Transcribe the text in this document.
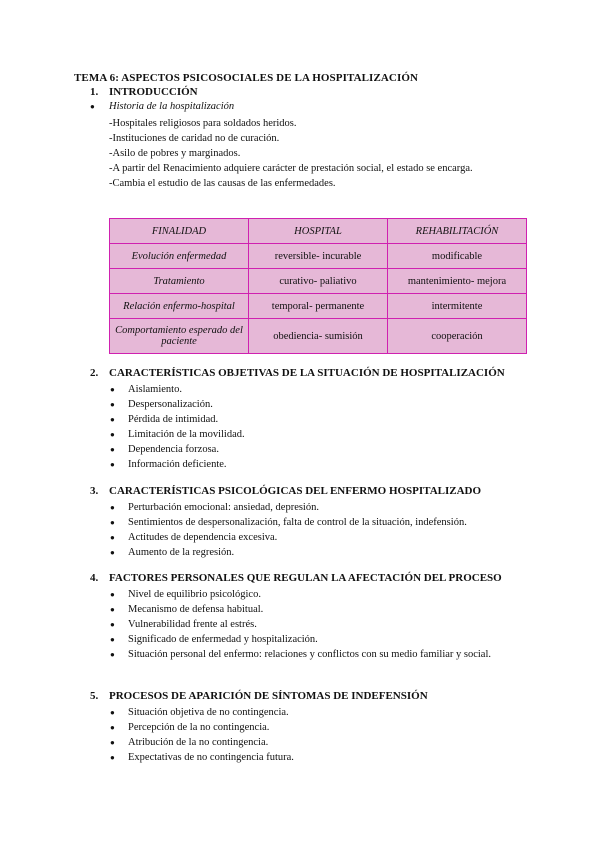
TEMA 6: ASPECTOS PSICOSOCIALES DE LA HOSPITALIZACIÓN
1. INTRODUCCIÓN
● Historia de la hospitalización
-Hospitales religiosos para soldados heridos.
-Instituciones de caridad no de curación.
-Asilo de pobres y marginados.
-A partir del Renacimiento adquiere carácter de prestación social, el estado se encarga.
-Cambia el estudio de las causas de las enfermedades.
FINALIDAD	HOSPITAL	REHABILITACIÓN
Evolución enfermedad	reversible- incurable	modificable
Tratamiento	curativo- paliativo	mantenimiento- mejora
Relación enfermo-hospital	temporal- permanente	intermitente
Comportamiento esperado del paciente	obediencia- sumisión	cooperación
2. CARACTERÍSTICAS OBJETIVAS DE LA SITUACIÓN DE HOSPITALIZACIÓN
● Aislamiento.
● Despersonalización.
● Pérdida de intimidad.
● Limitación de la movilidad.
● Dependencia forzosa.
● Información deficiente.
3. CARACTERÍSTICAS PSICOLÓGICAS DEL ENFERMO HOSPITALIZADO
● Perturbación emocional: ansiedad, depresión.
● Sentimientos de despersonalización, falta de control de la situación, indefensión.
● Actitudes de dependencia excesiva.
● Aumento de la regresión.
4. FACTORES PERSONALES QUE REGULAN LA AFECTACIÓN DEL PROCESO
● Nivel de equilibrio psicológico.
● Mecanismo de defensa habitual.
● Vulnerabilidad frente al estrés.
● Significado de enfermedad y hospitalización.
● Situación personal del enfermo: relaciones y conflictos con su medio familiar y social.
5. PROCESOS DE APARICIÓN DE SÍNTOMAS DE INDEFENSIÓN
● Situación objetiva de no contingencia.
● Percepción de la no contingencia.
● Atribución de la no contingencia.
● Expectativas de no contingencia futura.
